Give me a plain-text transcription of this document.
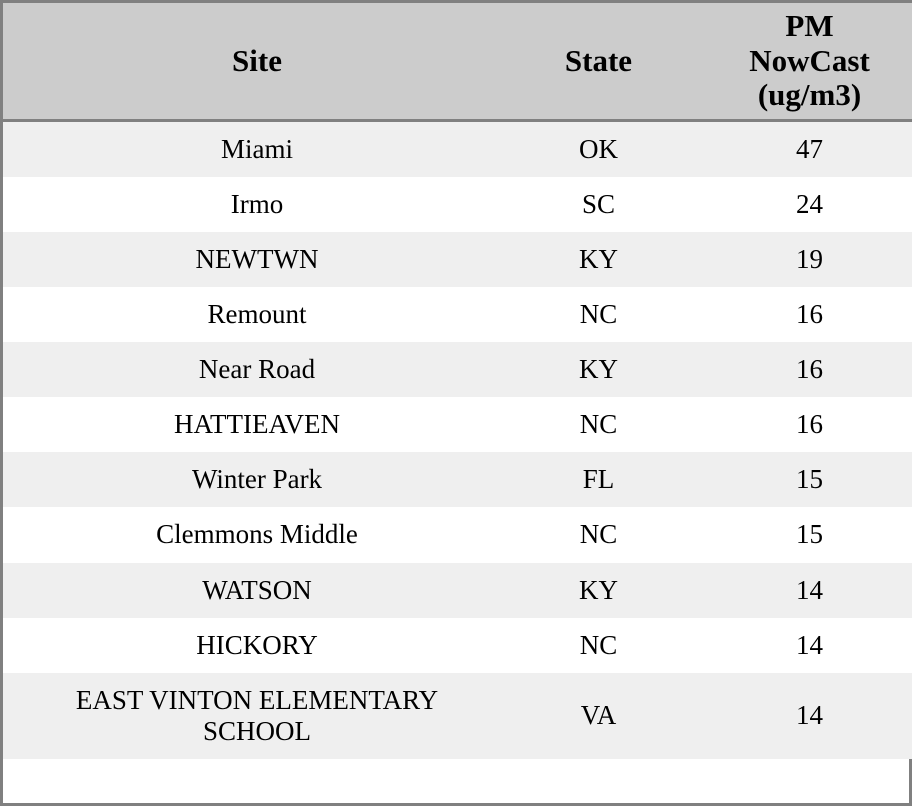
Site	State	PM
NowCast
(ug/m3)

Miami	OK	47
Irmo	SC	24
NEWTWN	KY	19
Remount	NC	16
Near Road	KY	16
HATTIEAVEN	NC	16
Winter Park	FL	15
Clemmons Middle	NC	15
WATSON	KY	14
HICKORY	NC	14
EAST VINTON ELEMENTARY SCHOOL	VA	14
